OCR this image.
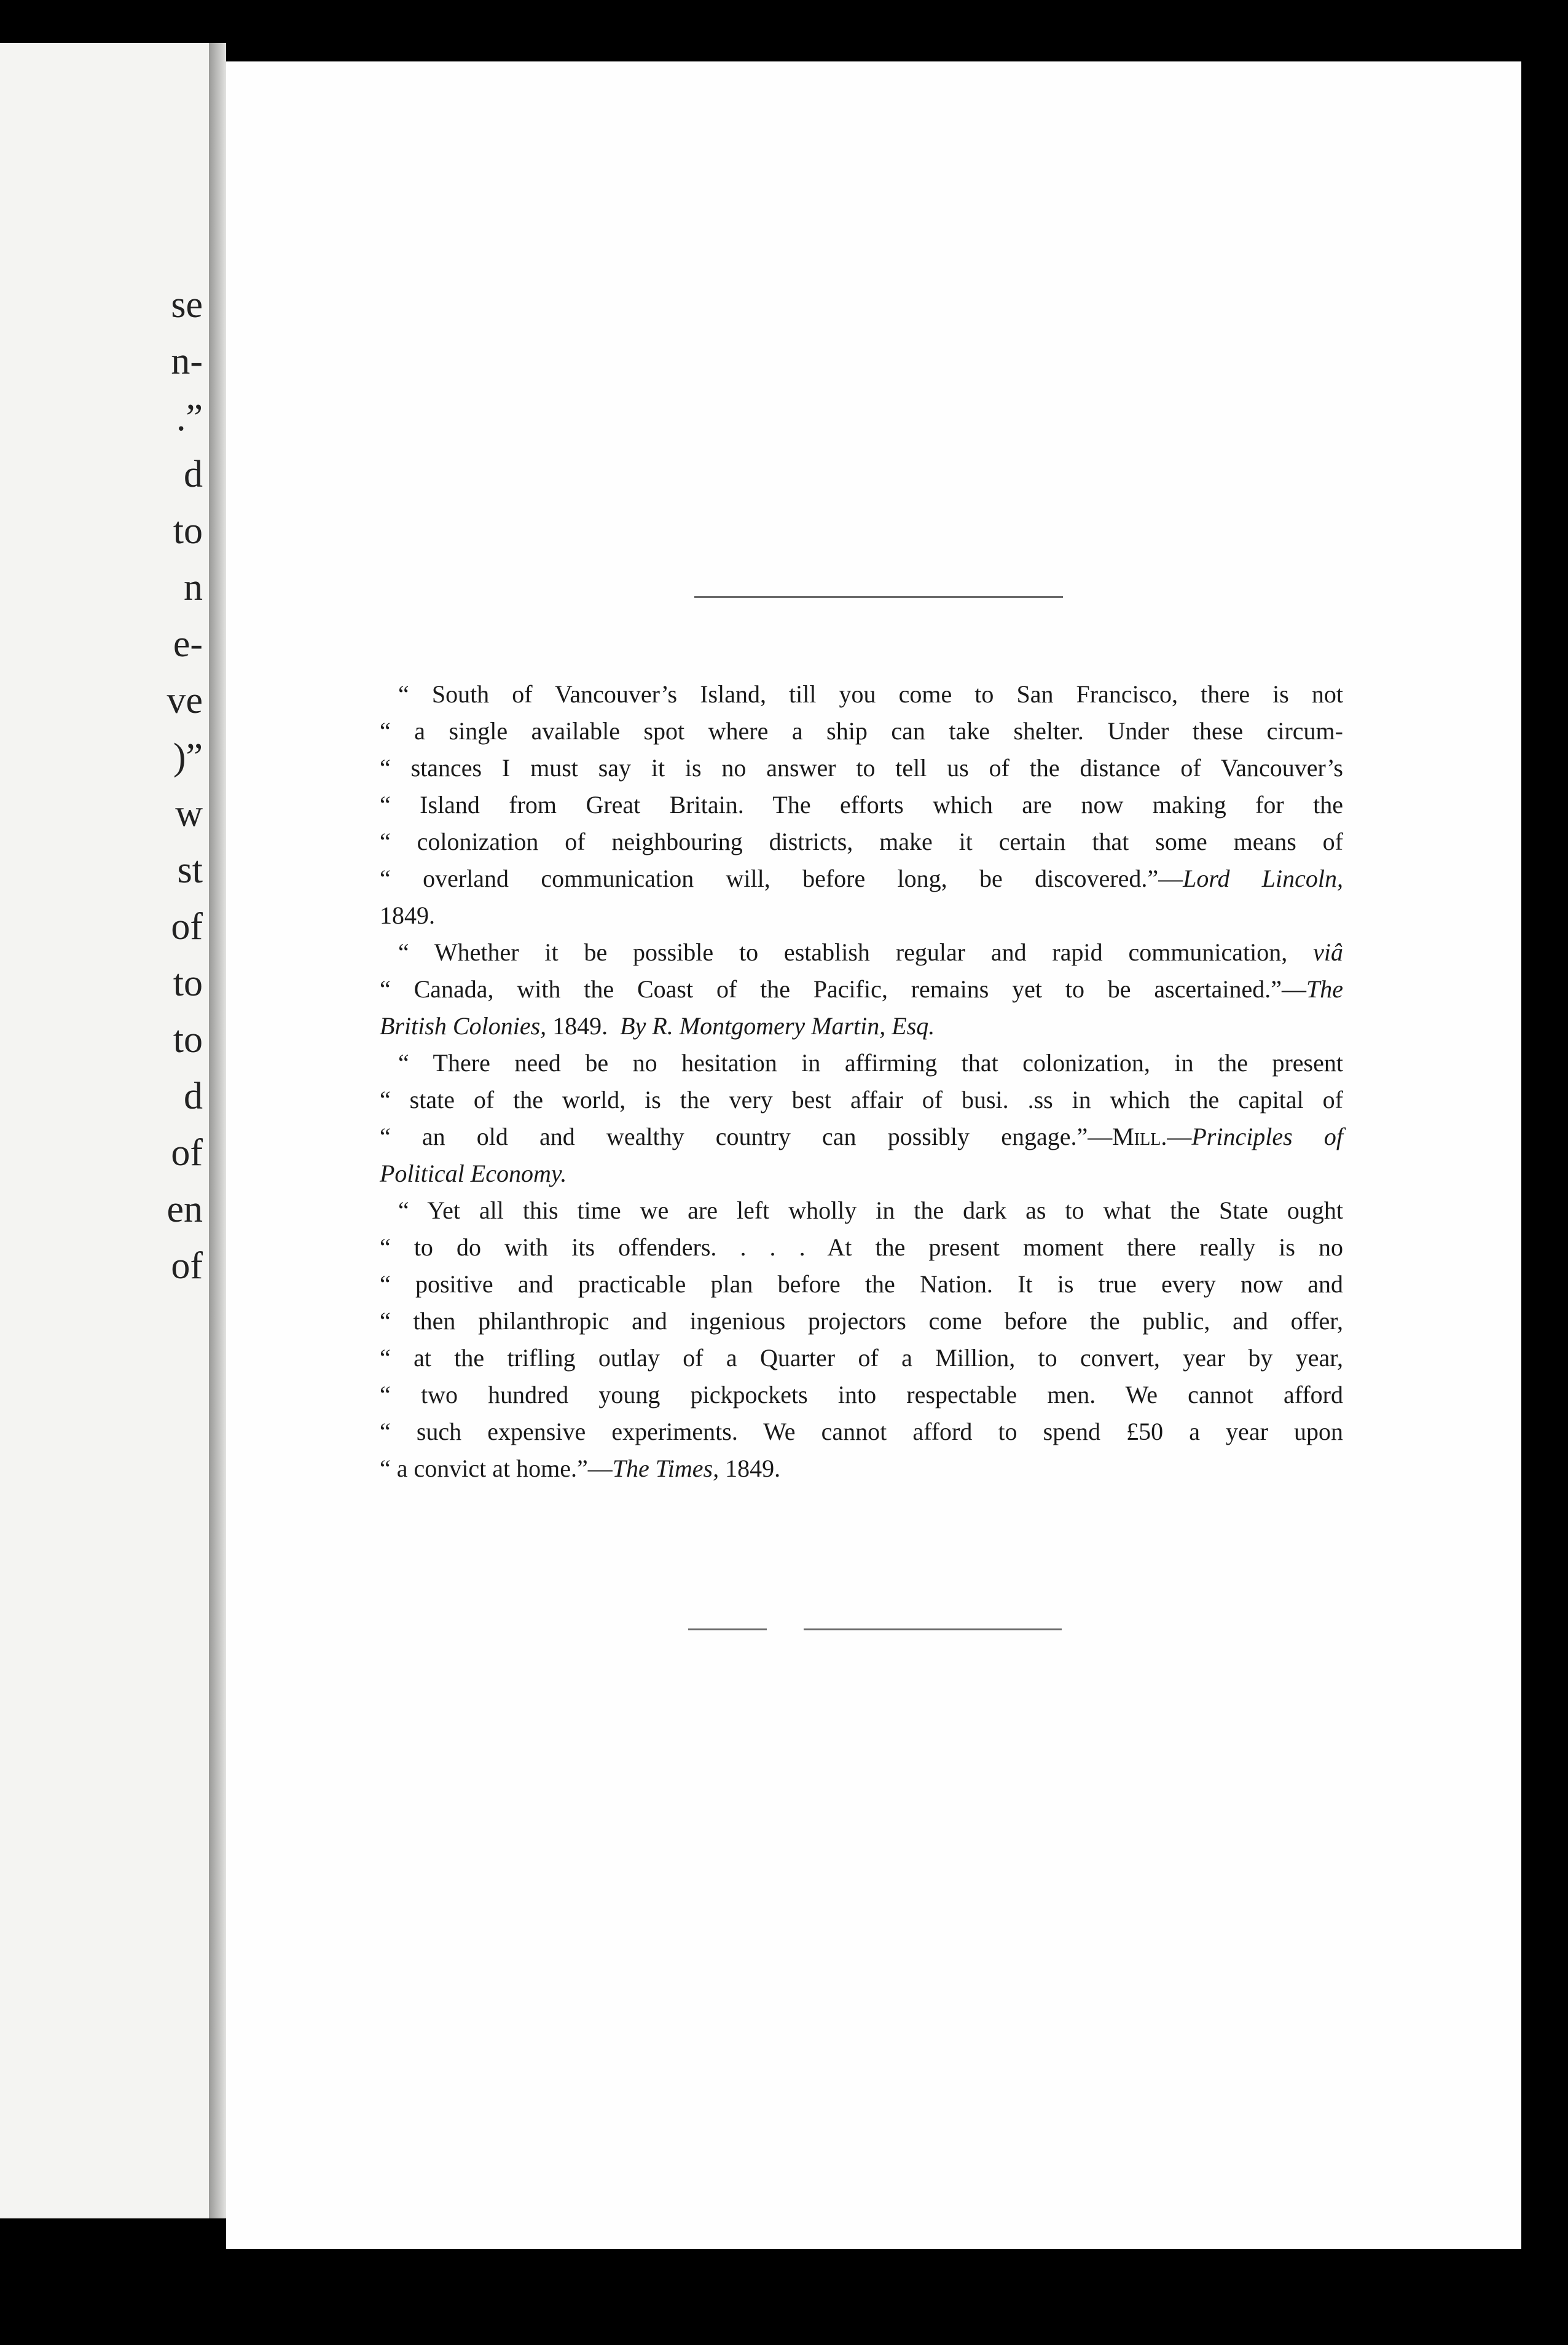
se
n-
.”
d
to
n
e-
ve
)”
w
st
of
to
to
d
of
en
of

“ South of Vancouver’s Island, till you come to San Francisco, there is not
“ a single available spot where a ship can take shelter. Under these circum-
“ stances I must say it is no answer to tell us of the distance of Vancouver’s
“ Island from Great Britain. The efforts which are now making for the
“ colonization of neighbouring districts, make it certain that some means of
“ overland communication will, before long, be discovered.”—Lord Lincoln,
1849.

“ Whether it be possible to establish regular and rapid communication, viâ
“ Canada, with the Coast of the Pacific, remains yet to be ascertained.”—The
British Colonies, 1849. By R. Montgomery Martin, Esq.

“ There need be no hesitation in affirming that colonization, in the present
“ state of the world, is the very best affair of busi. .ss in which the capital of
“ an old and wealthy country can possibly engage.”—Mill.—Principles of
Political Economy.

“ Yet all this time we are left wholly in the dark as to what the State ought
“ to do with its offenders. . . . At the present moment there really is no
“ positive and practicable plan before the Nation. It is true every now and
“ then philanthropic and ingenious projectors come before the public, and offer,
“ at the trifling outlay of a Quarter of a Million, to convert, year by year,
“ two hundred young pickpockets into respectable men. We cannot afford
“ such expensive experiments. We cannot afford to spend £50 a year upon
“ a convict at home.”—The Times, 1849.
